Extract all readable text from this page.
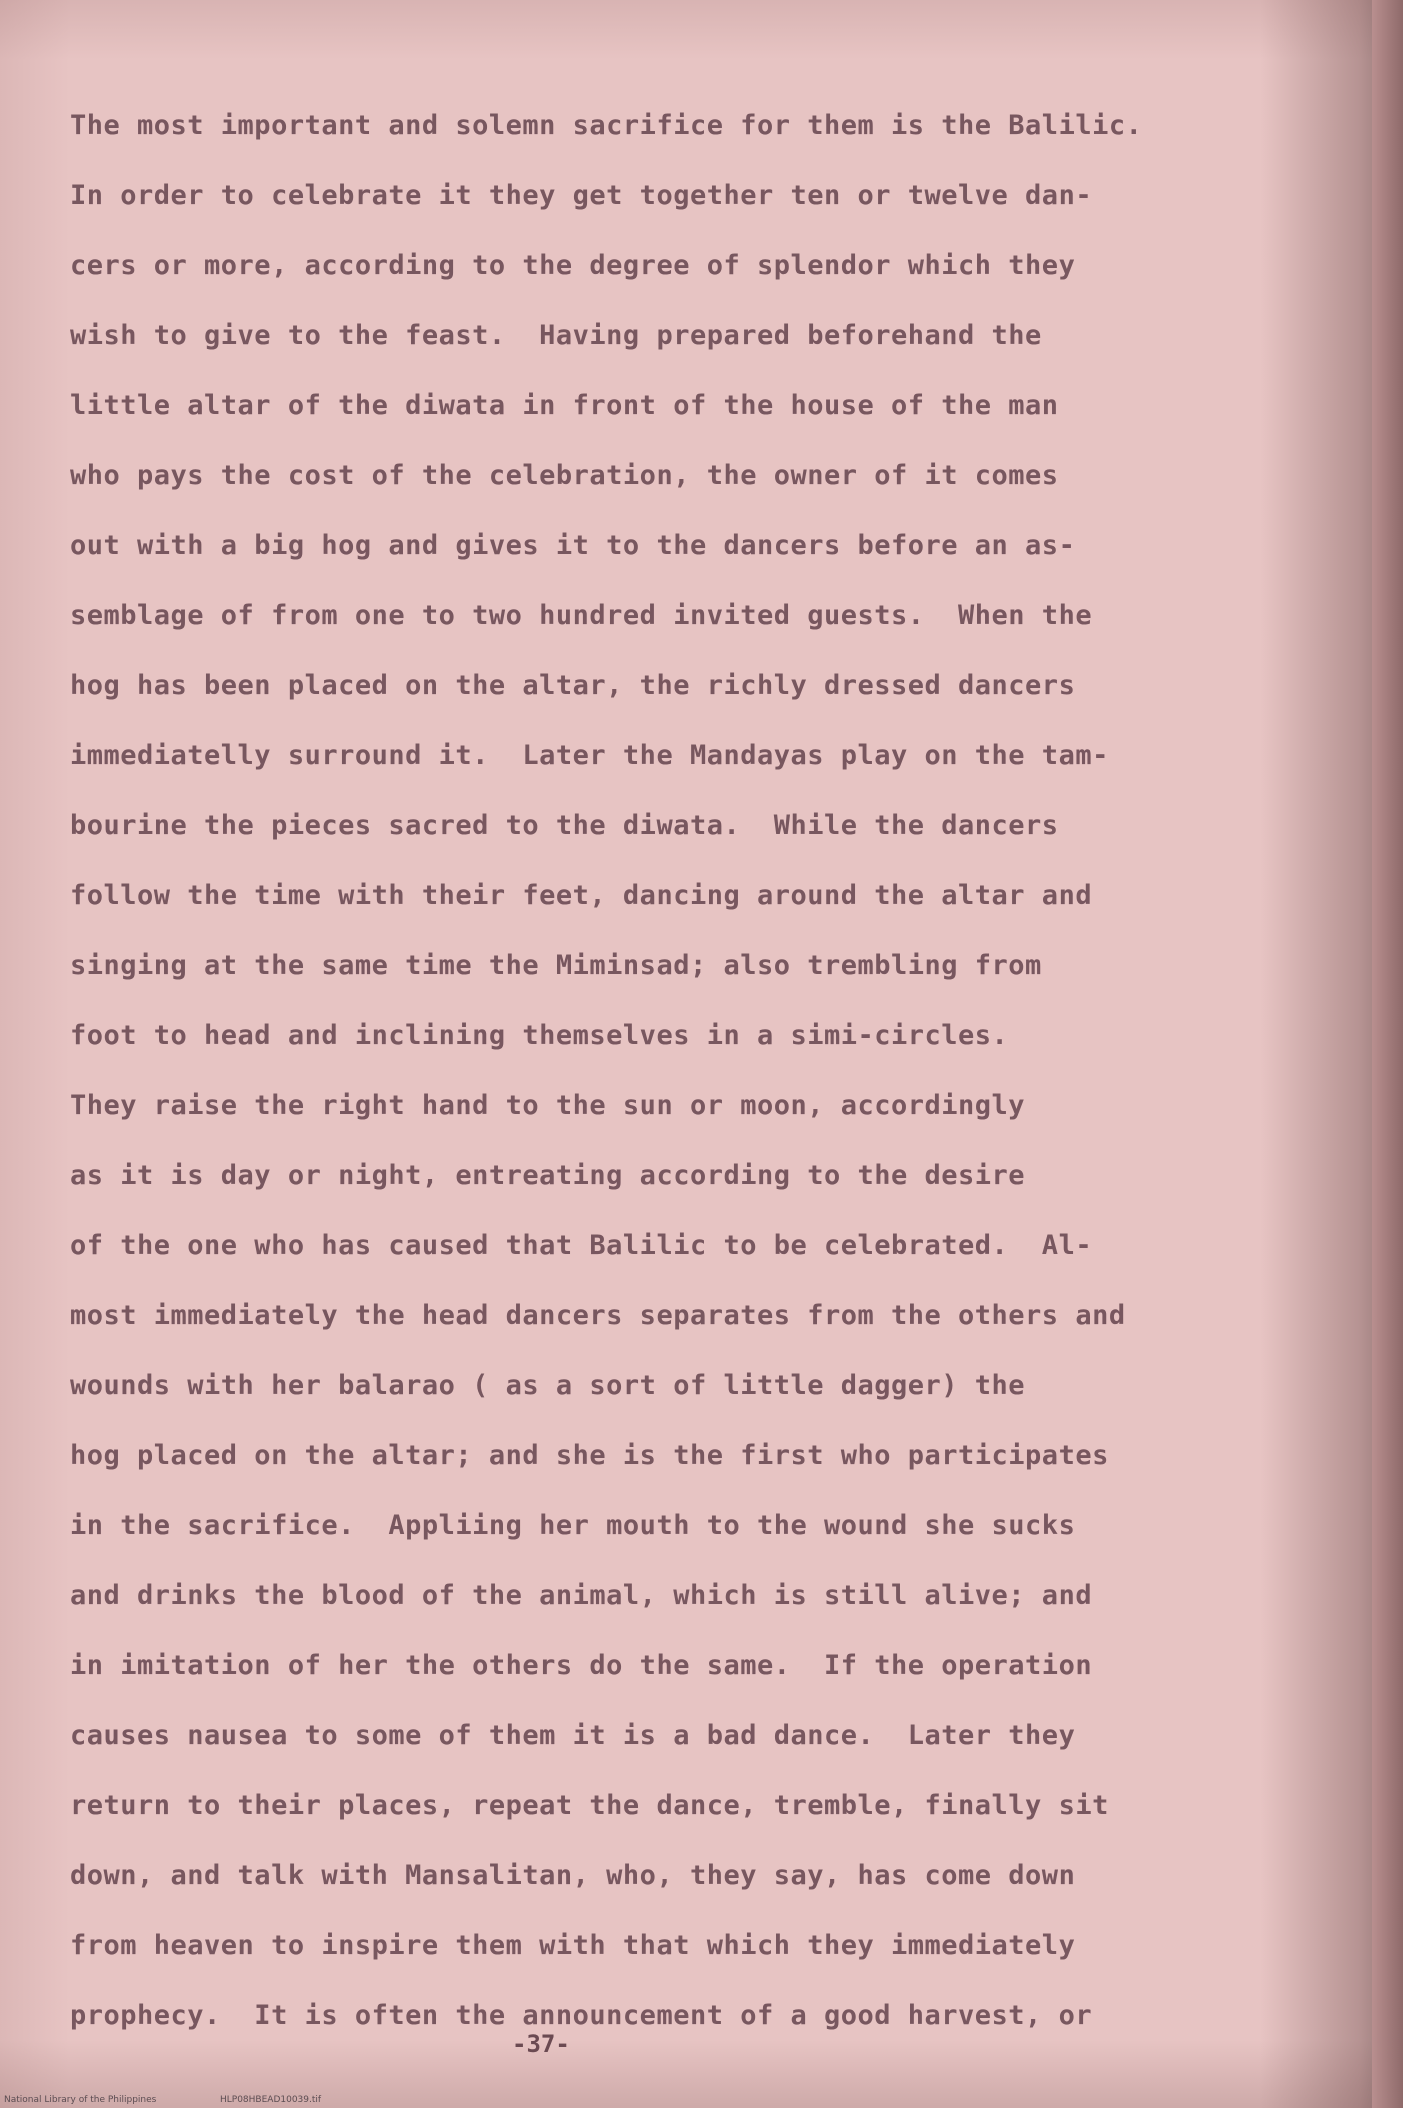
The most important and solemn sacrifice for them is the Balilic.

In order to celebrate it they get together ten or twelve dan-

cers or more, according to the degree of splendor which they

wish to give to the feast.  Having prepared beforehand the

little altar of the diwata in front of the house of the man

who pays the cost of the celebration, the owner of it comes

out with a big hog and gives it to the dancers before an as-

semblage of from one to two hundred invited guests.  When the

hog has been placed on the altar, the richly dressed dancers

immediatelly surround it.  Later the Mandayas play on the tam-

bourine the pieces sacred to the diwata.  While the dancers

follow the time with their feet, dancing around the altar and

singing at the same time the Miminsad; also trembling from

foot to head and inclining themselves in a simi-circles.

They raise the right hand to the sun or moon, accordingly

as it is day or night, entreating according to the desire

of the one who has caused that Balilic to be celebrated.  Al-

most immediately the head dancers separates from the others and

wounds with her balarao ( as a sort of little dagger) the

hog placed on the altar; and she is the first who participates

in the sacrifice.  Appliing her mouth to the wound she sucks

and drinks the blood of the animal, which is still alive; and

in imitation of her the others do the same.  If the operation

causes nausea to some of them it is a bad dance.  Later they

return to their places, repeat the dance, tremble, finally sit

down, and talk with Mansalitan, who, they say, has come down

from heaven to inspire them with that which they immediately

prophecy.  It is often the announcement of a good harvest, or

-37-
National Library of the Philippines	HLP08HBEAD10039.tif
